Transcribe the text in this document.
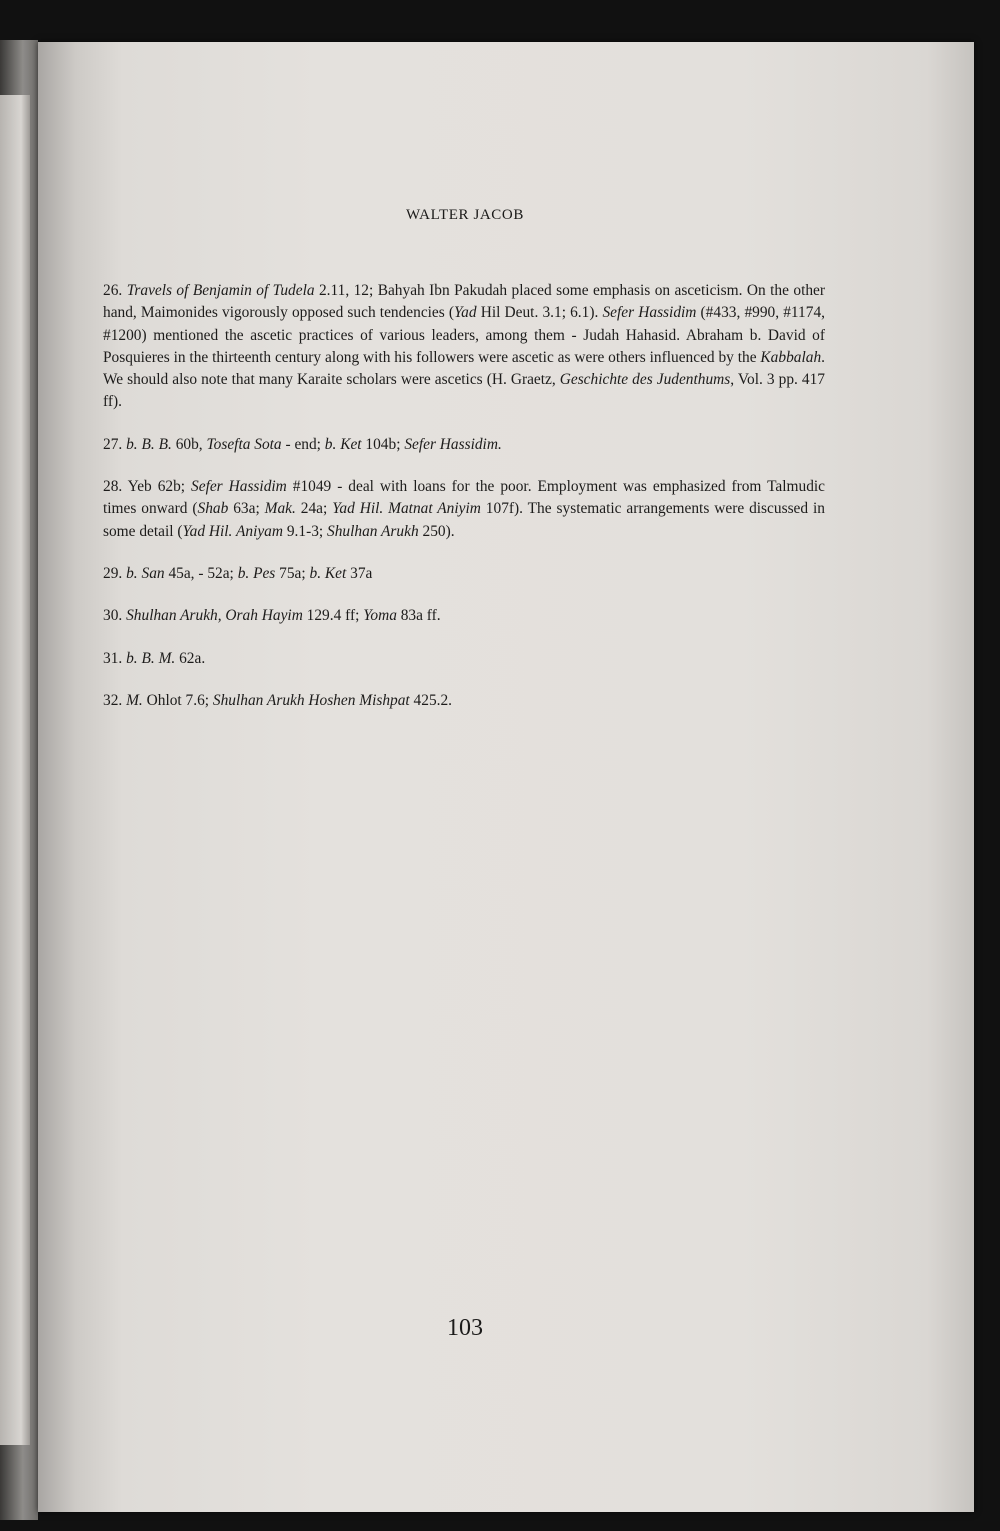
WALTER JACOB

26. Travels of Benjamin of Tudela 2.11, 12; Bahyah Ibn Pakudah placed some emphasis on asceticism. On the other hand, Maimonides vigorously opposed such tendencies (Yad Hil Deut. 3.1; 6.1). Sefer Hassidim (#433, #990, #1174, #1200) mentioned the ascetic practices of various leaders, among them - Judah Hahasid. Abraham b. David of Posquieres in the thirteenth century along with his followers were ascetic as were others influenced by the Kabbalah. We should also note that many Karaite scholars were ascetics (H. Graetz, Geschichte des Judenthums, Vol. 3 pp. 417 ff).

27. b. B. B. 60b, Tosefta Sota - end; b. Ket 104b; Sefer Hassidim.

28. Yeb 62b; Sefer Hassidim #1049 - deal with loans for the poor. Employment was emphasized from Talmudic times onward (Shab 63a; Mak. 24a; Yad Hil. Matnat Aniyim 107f). The systematic arrangements were discussed in some detail (Yad Hil. Aniyam 9.1-3; Shulhan Arukh 250).

29. b. San 45a, - 52a; b. Pes 75a; b. Ket 37a

30. Shulhan Arukh, Orah Hayim 129.4 ff; Yoma 83a ff.

31. b. B. M. 62a.

32. M. Ohlot 7.6; Shulhan Arukh Hoshen Mishpat 425.2.

103
